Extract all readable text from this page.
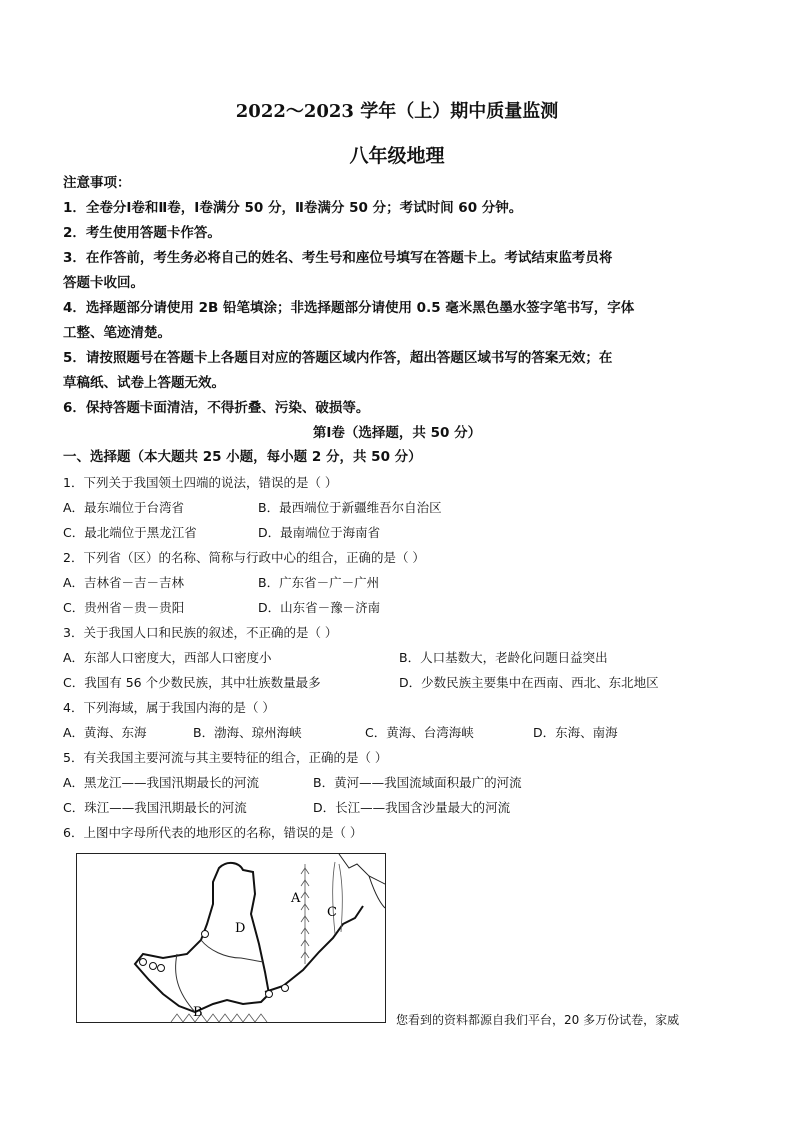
2022～2023 学年（上）期中质量监测
八年级地理

注意事项：

1．全卷分Ⅰ卷和Ⅱ卷，Ⅰ卷满分 50 分，Ⅱ卷满分 50 分；考试时间 60 分钟。

2．考生使用答题卡作答。

3．在作答前，考生务必将自己的姓名、考生号和座位号填写在答题卡上。考试结束监考员将

答题卡收回。

4．选择题部分请使用 2B 铅笔填涂；非选择题部分请使用 0.5 毫米黑色墨水签字笔书写，字体

工整、笔迹清楚。

5．请按照题号在答题卡上各题目对应的答题区域内作答，超出答题区域书写的答案无效；在

草稿纸、试卷上答题无效。

6．保持答题卡面清洁，不得折叠、污染、破损等。

第Ⅰ卷（选择题，共 50 分）
一、选择题（本大题共 25 小题，每小题 2 分，共 50 分）

1．下列关于我国领土四端的说法，错误的是（ ）

A．最东端位于台湾省	B．最西端位于新疆维吾尔自治区
C．最北端位于黑龙江省	D．最南端位于海南省

2．下列省（区）的名称、简称与行政中心的组合，正确的是（ ）

A．吉林省－吉－吉林	B．广东省－广－广州
C．贵州省－贵－贵阳	D．山东省－豫－济南

3．关于我国人口和民族的叙述，不正确的是（ ）

A．东部人口密度大，西部人口密度小	B．人口基数大，老龄化问题日益突出
C．我国有 56 个少数民族，其中壮族数量最多	D．少数民族主要集中在西南、西北、东北地区

4．下列海域，属于我国内海的是（ ）

A．黄海、东海	B．渤海、琼州海峡	C．黄海、台湾海峡	D．东海、南海

5．有关我国主要河流与其主要特征的组合，正确的是（ ）

A．黑龙江——我国汛期最长的河流	B．黄河——我国流域面积最广的河流
C．珠江——我国汛期最长的河流	D．长江——我国含沙量最大的河流

6．上图中字母所代表的地形区的名称，错误的是（ ）

D
A
C
B	您看到的资料都源自我们平台，20 多万份试卷，家威
